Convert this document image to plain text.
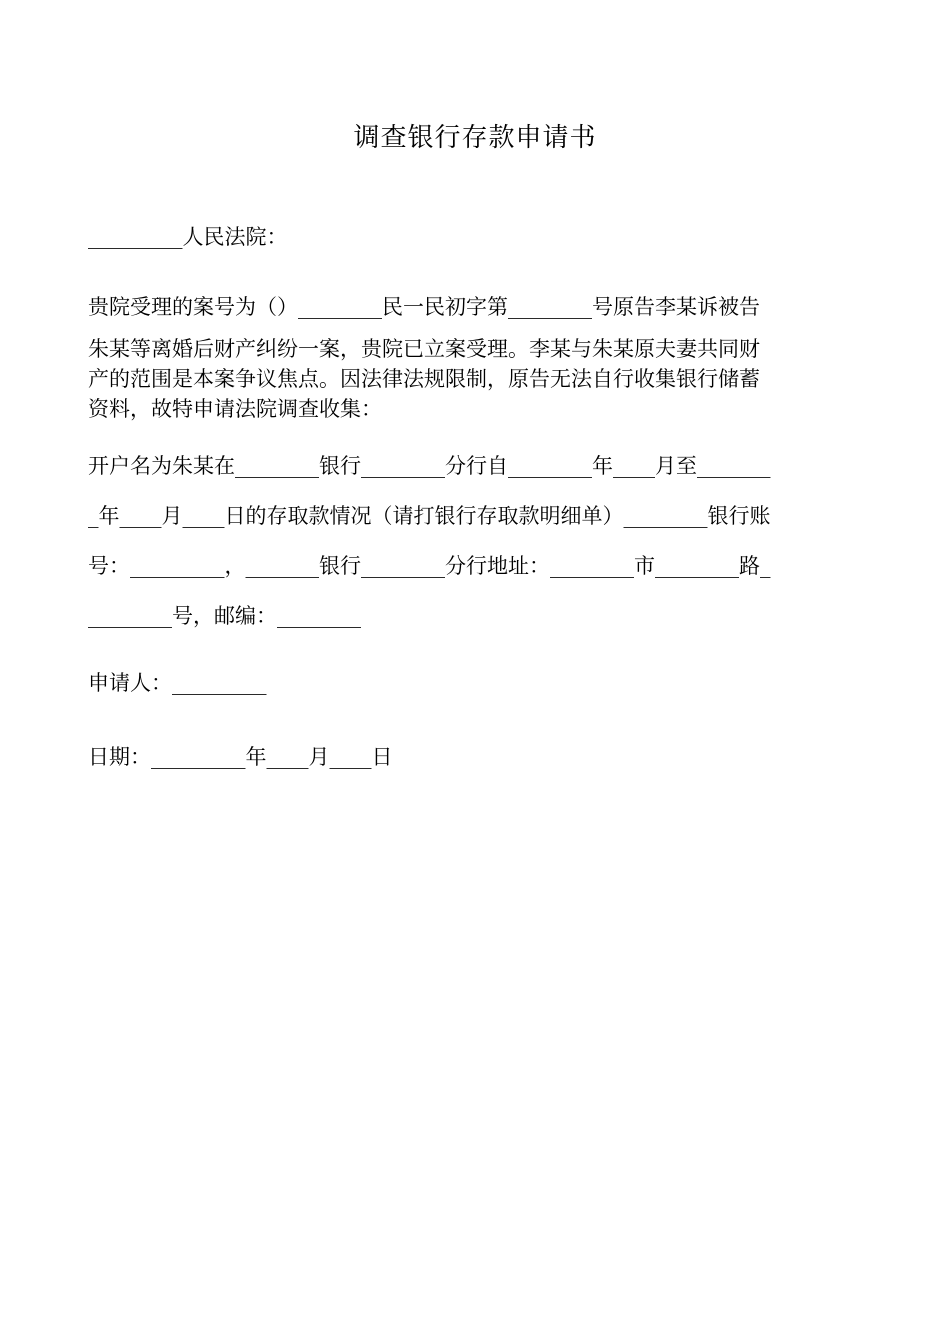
调查银行存款申请书

_________人民法院：

贵院受理的案号为（）________民一民初字第________号原告李某诉被告
朱某等离婚后财产纠纷一案，贵院已立案受理。李某与朱某原夫妻共同财
产的范围是本案争议焦点。因法律法规限制，原告无法自行收集银行储蓄
资料，故特申请法院调查收集：
开户名为朱某在________银行________分行自________年____月至_______
_年____月____日的存取款情况（请打银行存取款明细单）________银行账
号：_________，_______银行________分行地址：________市________路_
________号，邮编：________

申请人：_________

日期：_________年____月____日
